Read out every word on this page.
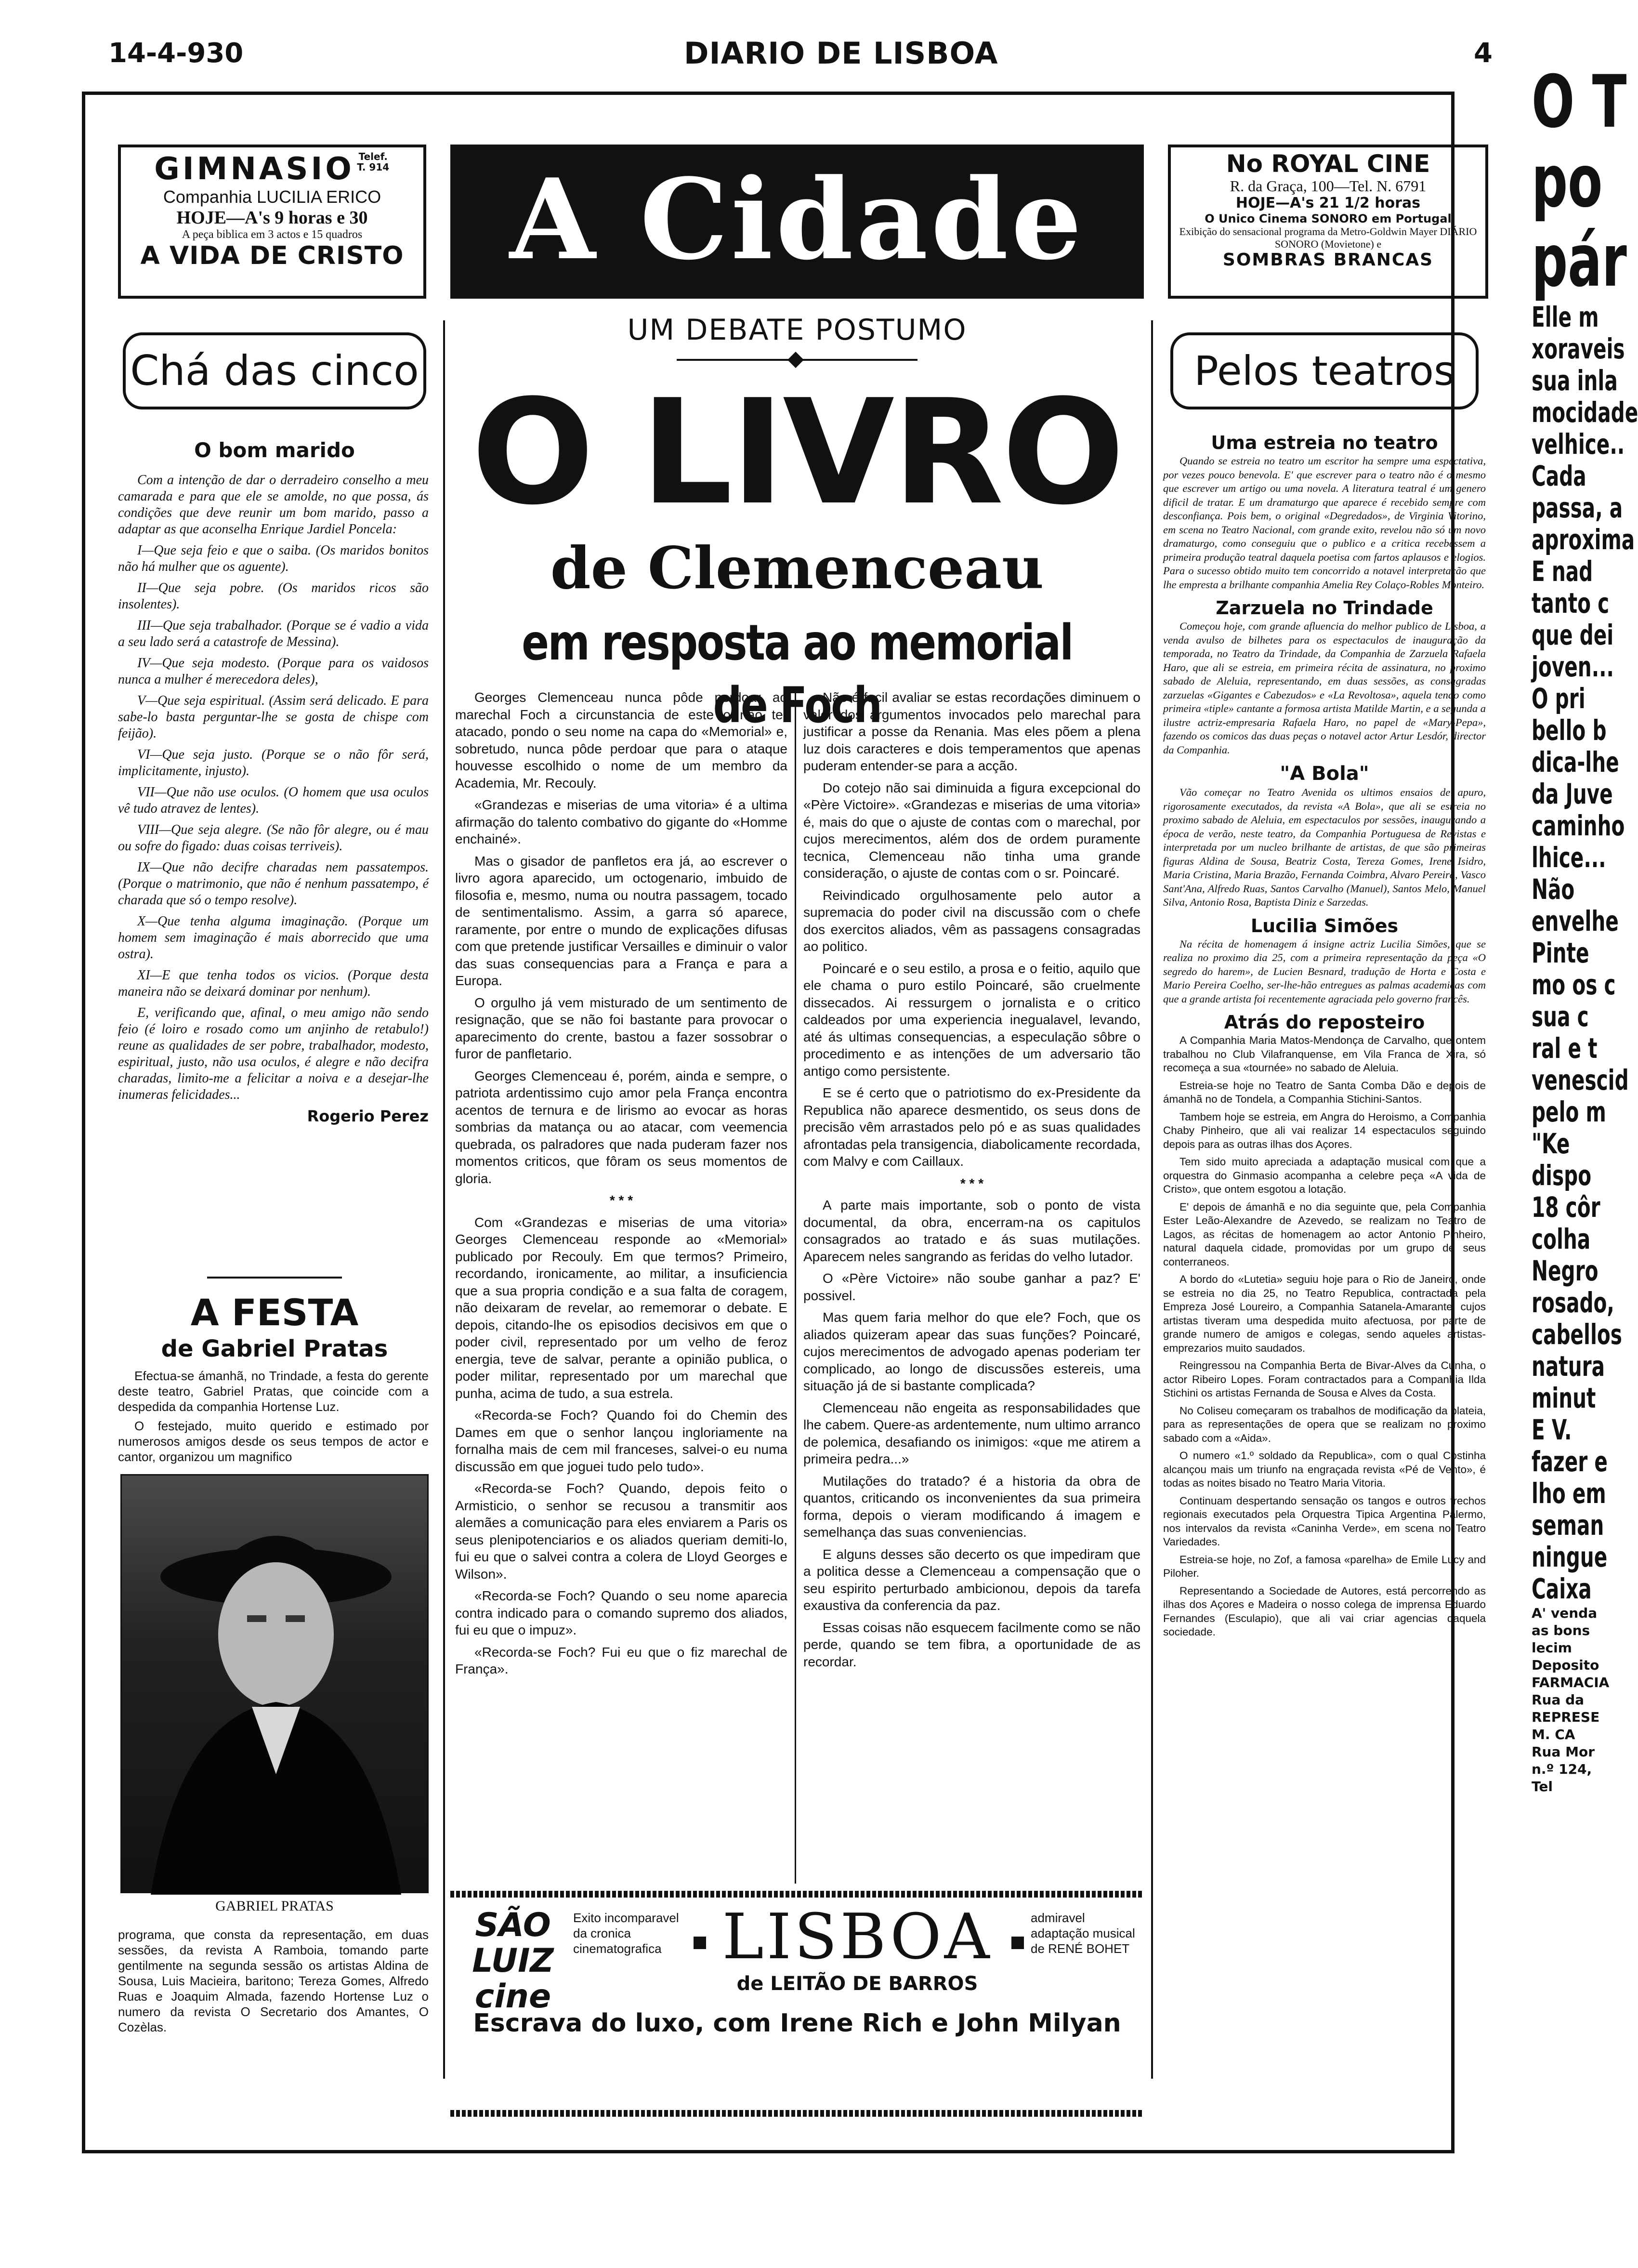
14-4-930	DIARIO DE LISBOA	4
GIMNASIO Telef. T. 914
Companhia LUCILIA ERICO
HOJE—A's 9 horas e 30
A peça biblica em 3 actos e 15 quadros
A VIDA DE CRISTO A Cidade	No ROYAL CINE
R. da Graça, 100—Tel. N. 6791
HOJE—A's 21 1/2 horas
O Unico Cinema SONORO em Portugal
Exibição do sensacional programa da Metro-Goldwin Mayer DIÁRIO SONORO (Movietone) e
SOMBRAS BRANCAS
Chá das cinco
O bom marido

Com a intenção de dar o derradeiro conselho a meu camarada e para que ele se amolde, no que possa, ás condições que deve reunir um bom marido, passo a adaptar as que aconselha Enrique Jardiel Poncela:

I—Que seja feio e que o saiba. (Os maridos bonitos não há mulher que os aguente).

II—Que seja pobre. (Os maridos ricos são insolentes).

III—Que seja trabalhador. (Porque se é vadio a vida a seu lado será a catastrofe de Messina).

IV—Que seja modesto. (Porque para os vaidosos nunca a mulher é merecedora deles),

V—Que seja espiritual. (Assim será delicado. E para sabe-lo basta perguntar-lhe se gosta de chispe com feijão).

VI—Que seja justo. (Porque se o não fôr será, implicitamente, injusto).

VII—Que não use oculos. (O homem que usa oculos vê tudo atravez de lentes).

VIII—Que seja alegre. (Se não fôr alegre, ou é mau ou sofre do figado: duas coisas terriveis).

IX—Que não decifre charadas nem passatempos. (Porque o matrimonio, que não é nenhum passatempo, é charada que só o tempo resolve).

X—Que tenha alguma imaginação. (Porque um homem sem imaginação é mais aborrecido que uma ostra).

XI—E que tenha todos os vicios. (Porque desta maneira não se deixará dominar por nenhum).

E, verificando que, afinal, o meu amigo não sendo feio (é loiro e rosado como um anjinho de retabulo!) reune as qualidades de ser pobre, trabalhador, modesto, espiritual, justo, não usa oculos, é alegre e não decifra charadas, limito-me a felicitar a noiva e a desejar-lhe inumeras felicidades...

Rogerio Perez
A FESTA
de Gabriel Pratas

Efectua-se ámanhã, no Trindade, a festa do gerente deste teatro, Gabriel Pratas, que coincide com a despedida da companhia Hortense Luz.

O festejado, muito querido e estimado por numerosos amigos desde os seus tempos de actor e cantor, organizou um magnifico

GABRIEL PRATAS

programa, que consta da representação, em duas sessões, da revista A Ramboia, tomando parte gentilmente na segunda sessão os artistas Aldina de Sousa, Luis Macieira, baritono; Tereza Gomes, Alfredo Ruas e Joaquim Almada, fazendo Hortense Luz o numero da revista O Secretario dos Amantes, O Cozèlas.

UM DEBATE POSTUMO
O LIVRO
de Clemenceau
em resposta ao memorial de Foch

Georges Clemenceau nunca pôde perdoar ao marechal Foch a circunstancia de este o não ter atacado, pondo o seu nome na capa do «Memorial» e, sobretudo, nunca pôde perdoar que para o ataque houvesse escolhido o nome de um membro da Academia, Mr. Recouly.

«Grandezas e miserias de uma vitoria» é a ultima afirmação do talento combativo do gigante do «Homme enchainé».

Mas o gisador de panfletos era já, ao escrever o livro agora aparecido, um octogenario, imbuido de filosofia e, mesmo, numa ou noutra passagem, tocado de sentimentalismo. Assim, a garra só aparece, raramente, por entre o mundo de explicações difusas com que pretende justificar Versailles e diminuir o valor das suas consequencias para a França e para a Europa.

O orgulho já vem misturado de um sentimento de resignação, que se não foi bastante para provocar o aparecimento do crente, bastou a fazer sossobrar o furor de panfletario.

Georges Clemenceau é, porém, ainda e sempre, o patriota ardentissimo cujo amor pela França encontra acentos de ternura e de lirismo ao evocar as horas sombrias da matança ou ao atacar, com veemencia quebrada, os palradores que nada puderam fazer nos momentos criticos, que fôram os seus momentos de gloria.

* * *

Com «Grandezas e miserias de uma vitoria» Georges Clemenceau responde ao «Memorial» publicado por Recouly. Em que termos? Primeiro, recordando, ironicamente, ao militar, a insuficiencia que a sua propria condição e a sua falta de coragem, não deixaram de revelar, ao rememorar o debate. E depois, citando-lhe os episodios decisivos em que o poder civil, representado por um velho de feroz energia, teve de salvar, perante a opinião publica, o poder militar, representado por um marechal que punha, acima de tudo, a sua estrela.

«Recorda-se Foch? Quando foi do Chemin des Dames em que o senhor lançou ingloriamente na fornalha mais de cem mil franceses, salvei-o eu numa discussão em que joguei tudo pelo tudo».

«Recorda-se Foch? Quando, depois feito o Armisticio, o senhor se recusou a transmitir aos alemães a comunicação para eles enviarem a Paris os seus plenipotenciarios e os aliados queriam demiti-lo, fui eu que o salvei contra a colera de Lloyd Georges e Wilson».

«Recorda-se Foch? Quando o seu nome aparecia contra indicado para o comando supremo dos aliados, fui eu que o impuz».

«Recorda-se Foch? Fui eu que o fiz marechal de França».

Não é facil avaliar se estas recordações diminuem o valor dos argumentos invocados pelo marechal para justificar a posse da Renania. Mas eles põem a plena luz dois caracteres e dois temperamentos que apenas puderam entender-se para a acção.

Do cotejo não sai diminuida a figura excepcional do «Père Victoire». «Grandezas e miserias de uma vitoria» é, mais do que o ajuste de contas com o marechal, por cujos merecimentos, além dos de ordem puramente tecnica, Clemenceau não tinha uma grande consideração, o ajuste de contas com o sr. Poincaré.

Reivindicado orgulhosamente pelo autor a supremacia do poder civil na discussão com o chefe dos exercitos aliados, vêm as passagens consagradas ao politico.

Poincaré e o seu estilo, a prosa e o feitio, aquilo que ele chama o puro estilo Poincaré, são cruelmente dissecados. Ai ressurgem o jornalista e o critico caldeados por uma experiencia inegualavel, levando, até ás ultimas consequencias, a especulação sôbre o procedimento e as intenções de um adversario tão antigo como persistente.

E se é certo que o patriotismo do ex-Presidente da Republica não aparece desmentido, os seus dons de precisão vêm arrastados pelo pó e as suas qualidades afrontadas pela transigencia, diabolicamente recordada, com Malvy e com Caillaux.

* * *

A parte mais importante, sob o ponto de vista documental, da obra, encerram-na os capitulos consagrados ao tratado e ás suas mutilações. Aparecem neles sangrando as feridas do velho lutador.

O «Père Victoire» não soube ganhar a paz? E' possivel.

Mas quem faria melhor do que ele? Foch, que os aliados quizeram apear das suas funções? Poincaré, cujos merecimentos de advogado apenas poderiam ter complicado, ao longo de discussões estereis, uma situação já de si bastante complicada?

Clemenceau não engeita as responsabilidades que lhe cabem. Quere-as ardentemente, num ultimo arranco de polemica, desafiando os inimigos: «que me atirem a primeira pedra...»

Mutilações do tratado? é a historia da obra de quantos, criticando os inconvenientes da sua primeira forma, depois o vieram modificando á imagem e semelhança das suas conveniencias.

E alguns desses são decerto os que impediram que a politica desse a Clemenceau a compensação que o seu espirito perturbado ambicionou, depois da tarefa exaustiva da conferencia da paz.

Essas coisas não esquecem facilmente como se não perde, quando se tem fibra, a oportunidade de as recordar.

SÃO LUIZ cine
Exito incomparavel da cronica cinematografica LISBOA	admiravel adaptação musical de RENÉ BOHET
de LEITÃO DE BARROS
Escrava do luxo, com Irene Rich e John Milyan
Pelos teatros
Uma estreia no teatro
Quando se estreia no teatro um escritor ha sempre uma espectativa, por vezes pouco benevola. E' que escrever para o teatro não é o mesmo que escrever um artigo ou uma novela. A literatura teatral é um genero dificil de tratar. E um dramaturgo que aparece é recebido sempre com desconfiança. Pois bem, o original «Degredados», de Virginia Vitorino, em scena no Teatro Nacional, com grande exito, revelou não só um novo dramaturgo, como conseguiu que o publico e a critica recebessem a primeira produção teatral daquela poetisa com fartos aplausos e elogios. Para o sucesso obtido muito tem concorrido a notavel interpretação que lhe empresta a brilhante companhia Amelia Rey Colaço-Robles Monteiro.
Zarzuela no Trindade
Começou hoje, com grande afluencia do melhor publico de Lisboa, a venda avulso de bilhetes para os espectaculos de inauguração da temporada, no Teatro da Trindade, da Companhia de Zarzuela Rafaela Haro, que ali se estreia, em primeira récita de assinatura, no proximo sabado de Aleluia, representando, em duas sessões, as consagradas zarzuelas «Gigantes e Cabezudos» e «La Revoltosa», aquela tendo como primeira «tiple» cantante a formosa artista Matilde Martin, e a segunda a ilustre actriz-empresaria Rafaela Haro, no papel de «Mary-Pepa», fazendo os comicos das duas peças o notavel actor Artur Lesdór, director da Companhia.
"A Bola"
Vão começar no Teatro Avenida os ultimos ensaios de apuro, rigorosamente executados, da revista «A Bola», que ali se estreia no proximo sabado de Aleluia, em espectaculos por sessões, inaugurando a época de verão, neste teatro, da Companhia Portuguesa de Revistas e interpretada por um nucleo brilhante de artistas, de que são primeiras figuras Aldina de Sousa, Beatriz Costa, Tereza Gomes, Irene Isidro, Maria Cristina, Maria Brazão, Fernanda Coimbra, Alvaro Pereira, Vasco Sant'Ana, Alfredo Ruas, Santos Carvalho (Manuel), Santos Melo, Manuel Silva, Antonio Rosa, Baptista Diniz e Sarzedas.
Lucilia Simões
Na récita de homenagem á insigne actriz Lucilia Simões, que se realiza no proximo dia 25, com a primeira representação da peça «O segredo do harem», de Lucien Besnard, tradução de Horta e Costa e Mario Pereira Coelho, ser-lhe-hão entregues as palmas academicas com que a grande artista foi recentemente agraciada pelo governo francês.
Atrás do reposteiro

A Companhia Maria Matos-Mendonça de Carvalho, que ontem trabalhou no Club Vilafranquense, em Vila Franca de Xira, só recomeça a sua «tournée» no sabado de Aleluia.

Estreia-se hoje no Teatro de Santa Comba Dão e depois de ámanhã no de Tondela, a Companhia Stichini-Santos.

Tambem hoje se estreia, em Angra do Heroismo, a Companhia Chaby Pinheiro, que ali vai realizar 14 espectaculos seguindo depois para as outras ilhas dos Açores.

Tem sido muito apreciada a adaptação musical com que a orquestra do Ginmasio acompanha a celebre peça «A vida de Cristo», que ontem esgotou a lotação.

E' depois de ámanhã e no dia seguinte que, pela Companhia Ester Leão-Alexandre de Azevedo, se realizam no Teatro de Lagos, as récitas de homenagem ao actor Antonio Pinheiro, natural daquela cidade, promovidas por um grupo de seus conterraneos.

A bordo do «Lutetia» seguiu hoje para o Rio de Janeiro, onde se estreia no dia 25, no Teatro Republica, contractada pela Empreza José Loureiro, a Companhia Satanela-Amarante, cujos artistas tiveram uma despedida muito afectuosa, por parte de grande numero de amigos e colegas, sendo aqueles artistas-emprezarios muito saudados.

Reingressou na Companhia Berta de Bivar-Alves da Cunha, o actor Ribeiro Lopes. Foram contractados para a Companhia Ilda Stichini os artistas Fernanda de Sousa e Alves da Costa.

No Coliseu começaram os trabalhos de modificação da plateia, para as representações de opera que se realizam no proximo sabado com a «Aida».

O numero «1.º soldado da Republica», com o qual Costinha alcançou mais um triunfo na engraçada revista «Pé de Vento», é todas as noites bisado no Teatro Maria Vitoria.

Continuam despertando sensação os tangos e outros trechos regionais executados pela Orquestra Tipica Argentina Palermo, nos intervalos da revista «Caninha Verde», em scena no Teatro Variedades.

Estreia-se hoje, no Zof, a famosa «parelha» de Emile Lucy and Piloher.

Representando a Sociedade de Autores, está percorrendo as ilhas dos Açores e Madeira o nosso colega de imprensa Eduardo Fernandes (Esculapio), que ali vai criar agencias daquela sociedade.

O T
po
pár
Elle m
xoraveis
sua inla
mocidade
velhice..
Cada
passa, a
aproxima
E nad
tanto c
que dei
joven...
O pri
bello b
dica-lhe
da Juve
caminho
lhice...
Não
envelhe
Pinte
mo os c
sua c
ral e t
venescid
pelo m
"Ke
dispo
18 côr
colha
Negro
rosado,
cabellos
natura
minut
E V.
fazer e
lho em
seman
ningue
Caixa
A' venda
as bons
lecim
Deposito
FARMACIA
Rua da
REPRESE
M. CA
Rua Mor
n.º 124,
Tel
